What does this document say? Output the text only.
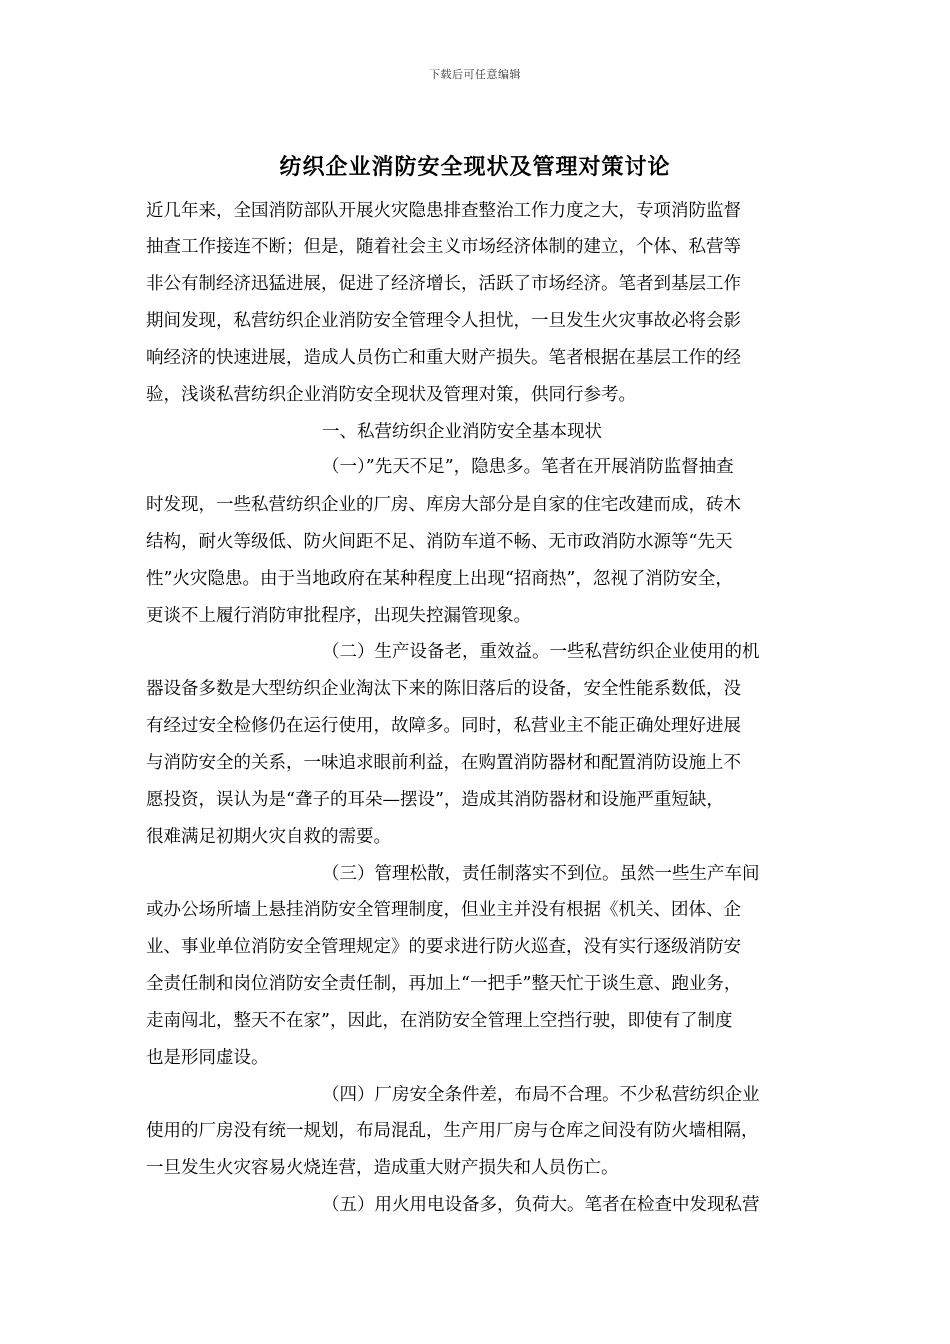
下载后可任意编辑
纺织企业消防安全现状及管理对策讨论
近几年来，全国消防部队开展火灾隐患排查整治工作力度之大，专项消防监督
抽查工作接连不断；但是，随着社会主义市场经济体制的建立，个体、私营等
非公有制经济迅猛进展，促进了经济增长，活跃了市场经济。笔者到基层工作
期间发现，私营纺织企业消防安全管理令人担忧，一旦发生火灾事故必将会影
响经济的快速进展，造成人员伤亡和重大财产损失。笔者根据在基层工作的经
验，浅谈私营纺织企业消防安全现状及管理对策，供同行参考。
一、私营纺织企业消防安全基本现状
（一）”先天不足”，隐患多。笔者在开展消防监督抽查
时发现，一些私营纺织企业的厂房、库房大部分是自家的住宅改建而成，砖木
结构，耐火等级低、防火间距不足、消防车道不畅、无市政消防水源等“先天
性”火灾隐患。由于当地政府在某种程度上出现“招商热”，忽视了消防安全，
更谈不上履行消防审批程序，出现失控漏管现象。
（二）生产设备老，重效益。一些私营纺织企业使用的机
器设备多数是大型纺织企业淘汰下来的陈旧落后的设备，安全性能系数低，没
有经过安全检修仍在运行使用，故障多。同时，私营业主不能正确处理好进展
与消防安全的关系，一味追求眼前利益，在购置消防器材和配置消防设施上不
愿投资，误认为是“聋子的耳朵—摆设”，造成其消防器材和设施严重短缺，
很难满足初期火灾自救的需要。
（三）管理松散，责任制落实不到位。虽然一些生产车间
或办公场所墙上悬挂消防安全管理制度，但业主并没有根据《机关、团体、企
业、事业单位消防安全管理规定》的要求进行防火巡查，没有实行逐级消防安
全责任制和岗位消防安全责任制，再加上“一把手”整天忙于谈生意、跑业务，
走南闯北，整天不在家”，因此，在消防安全管理上空挡行驶，即使有了制度
也是形同虚设。
（四）厂房安全条件差，布局不合理。不少私营纺织企业
使用的厂房没有统一规划，布局混乱，生产用厂房与仓库之间没有防火墙相隔，
一旦发生火灾容易火烧连营，造成重大财产损失和人员伤亡。
（五）用火用电设备多，负荷大。笔者在检查中发现私营
